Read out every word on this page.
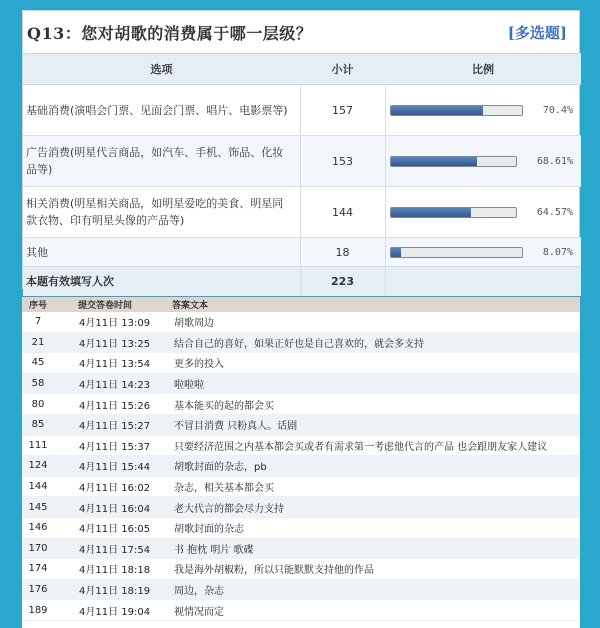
Q13：您对胡歌的消费属于哪一层级？	[多选题]
选项	小计	比例
基础消费(演唱会门票、见面会门票、唱片、电影票等)	157	70.4%

广告消费(明星代言商品，如汽车、手机、饰品、化妆品等)	153	68.61%

相关消费(明星相关商品，如明星爱吃的美食、明星同款衣物、印有明星头像的产品等)	144	64.57%

其他	18	8.07%

本题有效填写人次	223	
序号	提交答卷时间	答案文本
7	4月11日 13:09	胡歌周边
21	4月11日 13:25	结合自己的喜好，如果正好也是自己喜欢的，就会多支持
45	4月11日 13:54	更多的投入
58	4月11日 14:23	啦啦啦
80	4月11日 15:26	基本能买的起的都会买
85	4月11日 15:27	不冒目消费 只粉真人。话剧
111	4月11日 15:37	只要经济范围之内基本都会买或者有需求第一考虑他代言的产品 也会跟朋友家人建议
124	4月11日 15:44	胡歌封面的杂志，pb
144	4月11日 16:02	杂志，相关基本都会买
145	4月11日 16:04	老大代言的都会尽力支持
146	4月11日 16:05	胡歌封面的杂志
170	4月11日 17:54	书 抱枕 明片 歌碟
174	4月11日 18:18	我是海外胡椒粉，所以只能默默支持他的作品
176	4月11日 18:19	周边，杂志
189	4月11日 19:04	视情况而定
